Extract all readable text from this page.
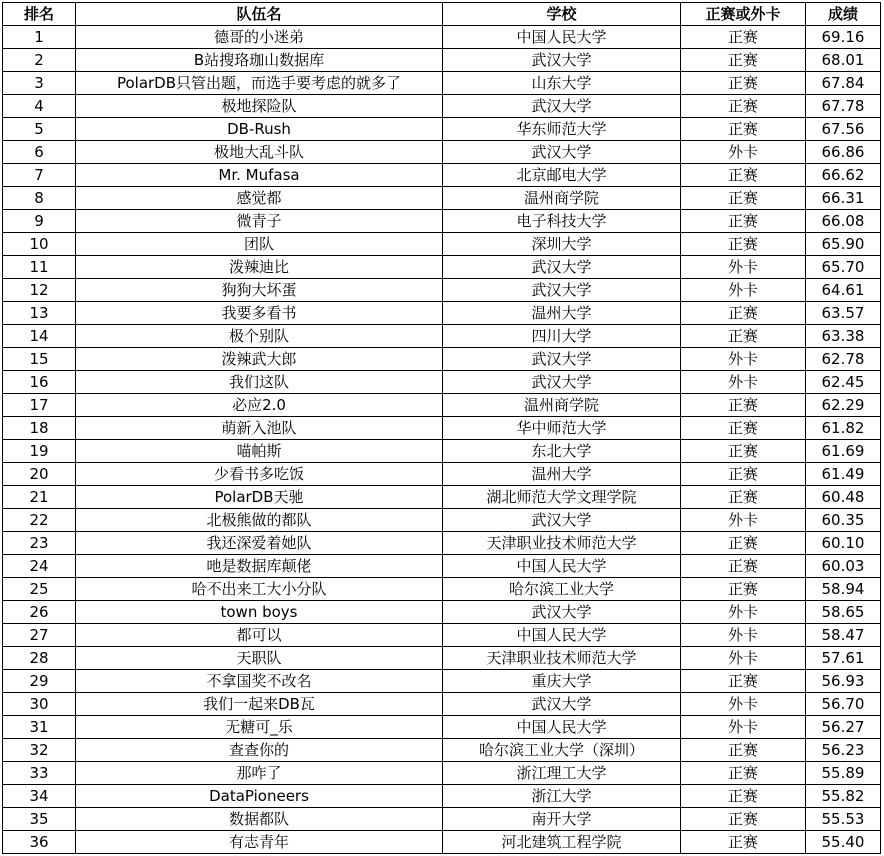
排名	队伍名	学校	正赛或外卡	成绩
1	德哥的小迷弟	中国人民大学	正赛	69.16
2	B站搜珞珈山数据库	武汉大学	正赛	68.01
3	PolarDB只管出题，而选手要考虑的就多了	山东大学	正赛	67.84
4	极地探险队	武汉大学	正赛	67.78
5	DB-Rush	华东师范大学	正赛	67.56
6	极地大乱斗队	武汉大学	外卡	66.86
7	Mr. Mufasa	北京邮电大学	正赛	66.62
8	感觉都	温州商学院	正赛	66.31
9	微青子	电子科技大学	正赛	66.08
10	团队	深圳大学	正赛	65.90
11	泼辣迪比	武汉大学	外卡	65.70
12	狗狗大坏蛋	武汉大学	外卡	64.61
13	我要多看书	温州大学	正赛	63.57
14	极个别队	四川大学	正赛	63.38
15	泼辣武大郎	武汉大学	外卡	62.78
16	我们这队	武汉大学	外卡	62.45
17	必应2.0	温州商学院	正赛	62.29
18	萌新入池队	华中师范大学	正赛	61.82
19	喵帕斯	东北大学	正赛	61.69
20	少看书多吃饭	温州大学	正赛	61.49
21	PolarDB天驰	湖北师范大学文理学院	正赛	60.48
22	北极熊做的都队	武汉大学	外卡	60.35
23	我还深爱着她队	天津职业技术师范大学	正赛	60.10
24	吔是数据库颠佬	中国人民大学	正赛	60.03
25	哈不出来工大小分队	哈尔滨工业大学	正赛	58.94
26	town boys	武汉大学	外卡	58.65
27	都可以	中国人民大学	外卡	58.47
28	天职队	天津职业技术师范大学	外卡	57.61
29	不拿国奖不改名	重庆大学	正赛	56.93
30	我们一起来DB瓦	武汉大学	外卡	56.70
31	无糖可_乐	中国人民大学	外卡	56.27
32	查查你的	哈尔滨工业大学（深圳）	正赛	56.23
33	那咋了	浙江理工大学	正赛	55.89
34	DataPioneers	浙江大学	正赛	55.82
35	数据都队	南开大学	正赛	55.53
36	有志青年	河北建筑工程学院	正赛	55.40
